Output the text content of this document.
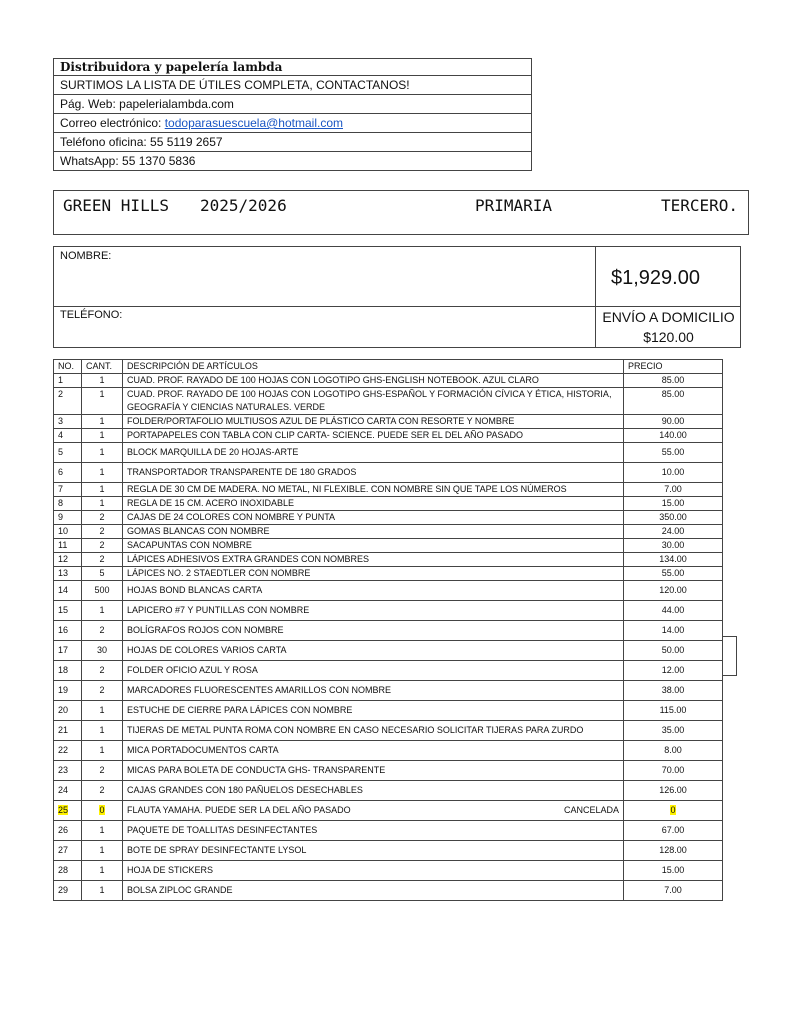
Distribuidora y papelería lambda
SURTIMOS LA LISTA DE ÚTILES COMPLETA, CONTACTANOS!
Pág. Web: papelerialambda.com
Correo electrónico: todoparasuescuela@hotmail.com
Teléfono oficina: 55 5119 2657
WhatsApp: 55 1370 5836
GREEN HILLS 2025/2026	PRIMARIA	TERCERO.
NOMBRE:
TELÉFONO:
$1,929.00
ENVÍO A DOMICILIO
$120.00
NO.	CANT.	DESCRIPCIÓN DE ARTÍCULOS	PRECIO
1	1	CUAD. PROF. RAYADO DE 100 HOJAS CON LOGOTIPO GHS-ENGLISH NOTEBOOK. AZUL CLARO	85.00
2	1	CUAD. PROF. RAYADO DE 100 HOJAS CON LOGOTIPO GHS-ESPAÑOL Y FORMACIÓN CÍVICA Y ÉTICA, HISTORIA, GEOGRAFÍA Y CIENCIAS NATURALES. VERDE	85.00
3	1	FOLDER/PORTAFOLIO MULTIUSOS AZUL DE PLÁSTICO CARTA CON RESORTE Y NOMBRE	90.00
4	1	PORTAPAPELES CON TABLA CON CLIP CARTA- SCIENCE. PUEDE SER EL DEL AÑO PASADO	140.00
5	1	BLOCK MARQUILLA DE 20 HOJAS-ARTE	55.00
6	1	TRANSPORTADOR TRANSPARENTE DE 180 GRADOS	10.00
7	1	REGLA DE 30 CM DE MADERA. NO METAL, NI FLEXIBLE. CON NOMBRE SIN QUE TAPE LOS NÚMEROS	7.00
8	1	REGLA DE 15 CM. ACERO INOXIDABLE	15.00
9	2	CAJAS DE 24 COLORES CON NOMBRE Y PUNTA	350.00
10	2	GOMAS BLANCAS CON NOMBRE	24.00
11	2	SACAPUNTAS CON NOMBRE	30.00
12	2	LÁPICES ADHESIVOS EXTRA GRANDES CON NOMBRES	134.00
13	5	LÁPICES NO. 2 STAEDTLER CON NOMBRE	55.00
14	500	HOJAS BOND BLANCAS CARTA	120.00
15	1	LAPICERO #7 Y PUNTILLAS CON NOMBRE	44.00
16	2	BOLÍGRAFOS ROJOS CON NOMBRE	14.00
17	30	HOJAS DE COLORES VARIOS CARTA	50.00
18	2	FOLDER OFICIO AZUL Y ROSA	12.00
19	2	MARCADORES FLUORESCENTES AMARILLOS CON NOMBRE	38.00
20	1	ESTUCHE DE CIERRE PARA LÁPICES CON NOMBRE	115.00
21	1	TIJERAS DE METAL PUNTA ROMA CON NOMBRE EN CASO NECESARIO SOLICITAR TIJERAS PARA ZURDO	35.00
22	1	MICA PORTADOCUMENTOS CARTA	8.00
23	2	MICAS PARA BOLETA DE CONDUCTA GHS- TRANSPARENTE	70.00
24	2	CAJAS GRANDES CON 180 PAÑUELOS DESECHABLES	126.00
25	0	FLAUTA YAMAHA. PUEDE SER LA DEL AÑO PASADO CANCELADA	0
26	1	PAQUETE DE TOALLITAS DESINFECTANTES	67.00
27	1	BOTE DE SPRAY DESINFECTANTE LYSOL	128.00
28	1	HOJA DE STICKERS	15.00
29	1	BOLSA ZIPLOC GRANDE	7.00
